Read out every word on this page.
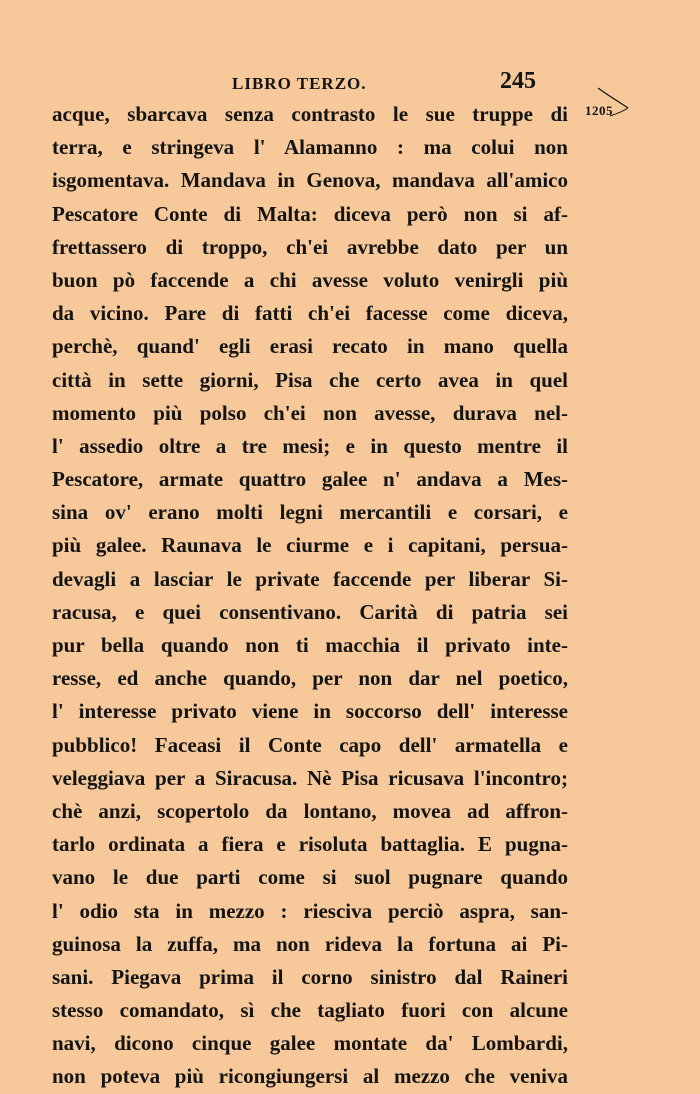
LIBRO TERZO.	245
1205
acque, sbarcava senza contrasto le sue truppe di
terra, e stringeva l' Alamanno : ma colui non
isgomentava. Mandava in Genova, mandava all'amico
Pescatore Conte di Malta: diceva però non si af-
frettassero di troppo, ch'ei avrebbe dato per un
buon pò faccende a chi avesse voluto venirgli più
da vicino. Pare di fatti ch'ei facesse come diceva,
perchè, quand' egli erasi recato in mano quella
città in sette giorni, Pisa che certo avea in quel
momento più polso ch'ei non avesse, durava nel-
l' assedio oltre a tre mesi; e in questo mentre il
Pescatore, armate quattro galee n' andava a Mes-
sina ov' erano molti legni mercantili e corsari, e
più galee. Raunava le ciurme e i capitani, persua-
devagli a lasciar le private faccende per liberar Si-
racusa, e quei consentivano. Carità di patria sei
pur bella quando non ti macchia il privato inte-
resse, ed anche quando, per non dar nel poetico,
l' interesse privato viene in soccorso dell' interesse
pubblico! Faceasi il Conte capo dell' armatella e
veleggiava per a Siracusa. Nè Pisa ricusava l'incontro;
chè anzi, scopertolo da lontano, movea ad affron-
tarlo ordinata a fiera e risoluta battaglia. E pugna-
vano le due parti come si suol pugnare quando
l' odio sta in mezzo : riesciva perciò aspra, san-
guinosa la zuffa, ma non rideva la fortuna ai Pi-
sani. Piegava prima il corno sinistro dal Raineri
stesso comandato, sì che tagliato fuori con alcune
navi, dicono cinque galee montate da' Lombardi,
non poteva più ricongiungersi al mezzo che veniva
